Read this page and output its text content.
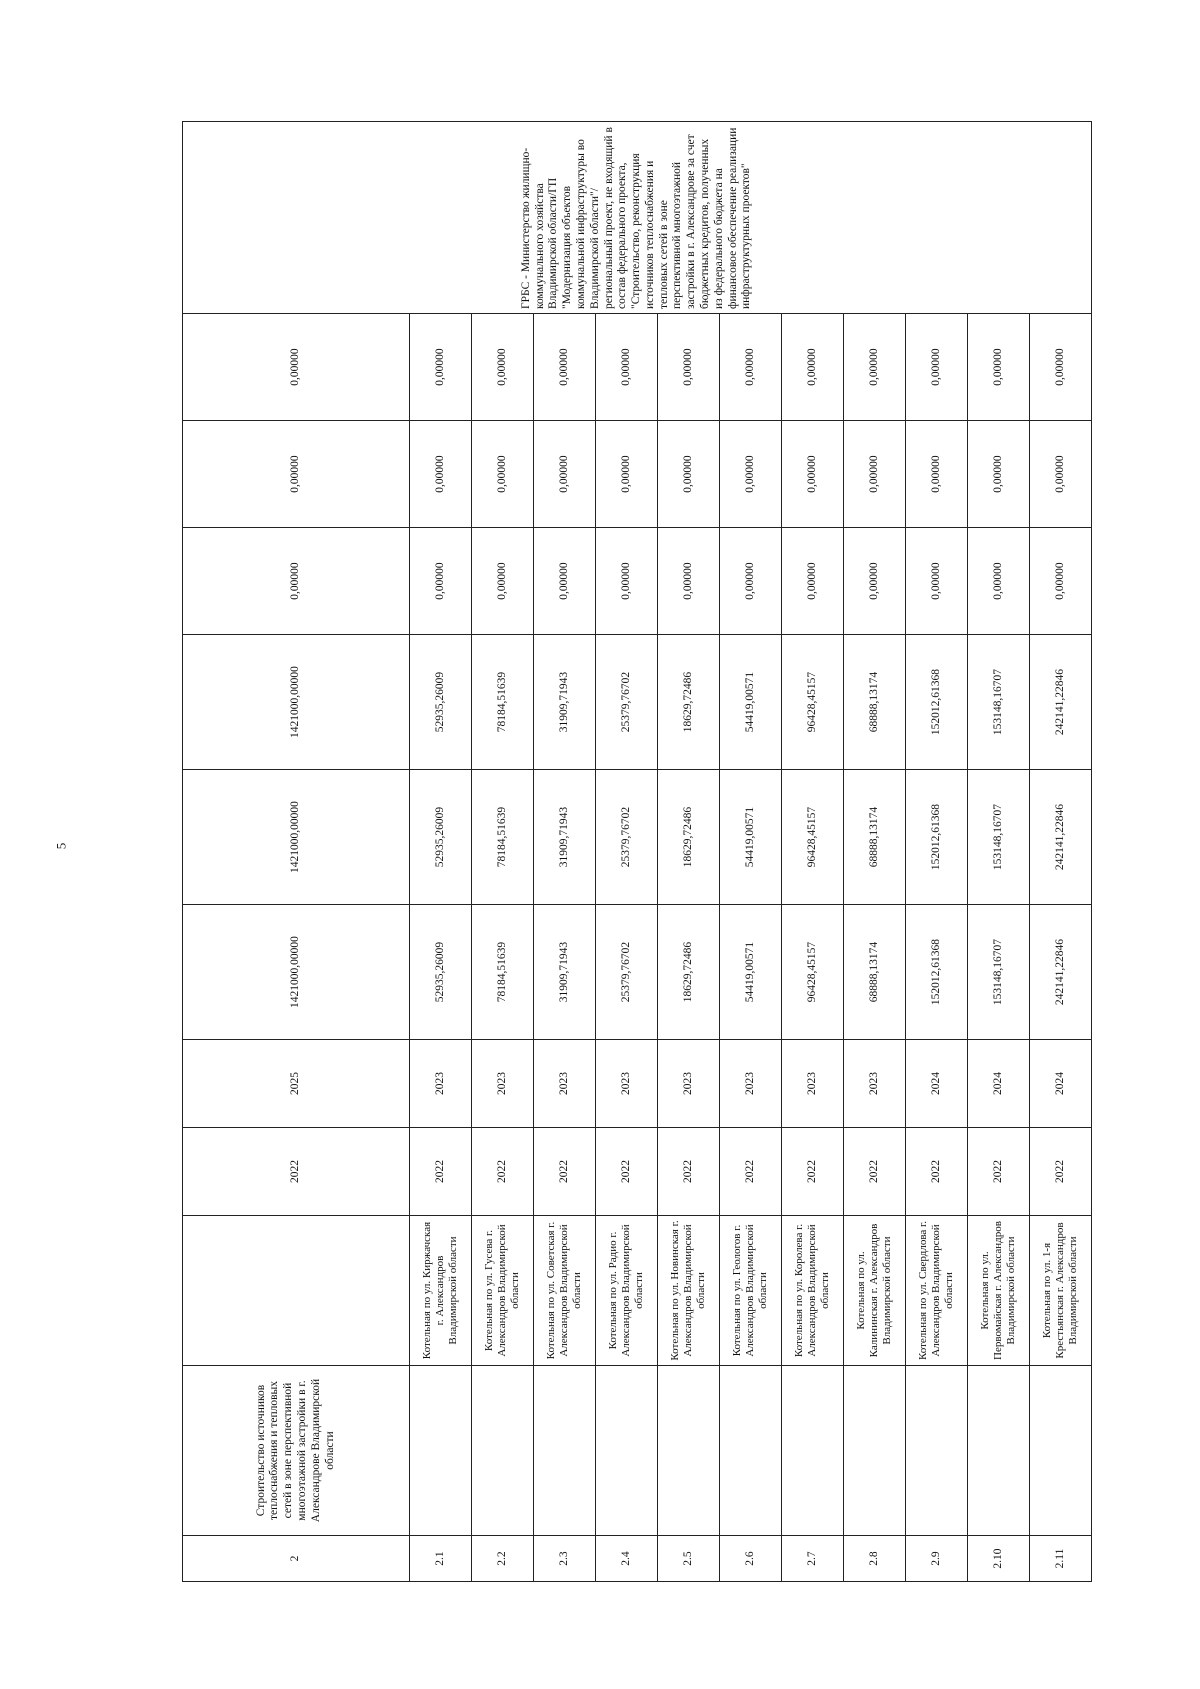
5
2	Строительство источников теплоснабжения и тепловых сетей в зоне перспективной многоэтажной застройки в г. Александрове Владимирской области		2022	2025	1421000,00000	1421000,00000	1421000,00000	0,00000	0,00000	0,00000	ГРБС - Министерство жилищно-коммунального хозяйства Владимирской области/ГП "Модернизация объектов коммунальной инфраструктуры во Владимирской области"/региональный проект, не входящий в состав федерального проекта, "Строительство, реконструкция источников теплоснабжения и тепловых сетей в зоне перспективной многоэтажной застройки в г. Александрове за счет бюджетных кредитов, полученных из федерального бюджета на финансовое обеспечение реализации инфраструктурных проектов"
2.1		Котельная по ул. Киржачская г. Александров Владимирской области	2022	2023	52935,26009	52935,26009	52935,26009	0,00000	0,00000	0,00000	
2.2		Котельная по ул. Гусева г. Александров Владимирской области	2022	2023	78184,51639	78184,51639	78184,51639	0,00000	0,00000	0,00000	
2.3		Котельная по ул. Советская г. Александров Владимирской области	2022	2023	31909,71943	31909,71943	31909,71943	0,00000	0,00000	0,00000	
2.4		Котельная по ул. Радио г. Александров Владимирской области	2022	2023	25379,76702	25379,76702	25379,76702	0,00000	0,00000	0,00000	
2.5		Котельная по ул. Новинская г. Александров Владимирской области	2022	2023	18629,72486	18629,72486	18629,72486	0,00000	0,00000	0,00000	
2.6		Котельная по ул. Геологов г. Александров Владимирской области	2022	2023	54419,00571	54419,00571	54419,00571	0,00000	0,00000	0,00000	
2.7		Котельная по ул. Королева г. Александров Владимирской области	2022	2023	96428,45157	96428,45157	96428,45157	0,00000	0,00000	0,00000	
2.8		Котельная по ул. Калининская г. Александров Владимирской области	2022	2023	68888,13174	68888,13174	68888,13174	0,00000	0,00000	0,00000	
2.9		Котельная по ул. Свердлова г. Александров Владимирской области	2022	2024	152012,61368	152012,61368	152012,61368	0,00000	0,00000	0,00000	
2.10		Котельная по ул. Первомайская г. Александров Владимирской области	2022	2024	153148,16707	153148,16707	153148,16707	0,00000	0,00000	0,00000	
2.11		Котельная по ул. 1-я Крестьянская г. Александров Владимирской области	2022	2024	242141,22846	242141,22846	242141,22846	0,00000	0,00000	0,00000	
